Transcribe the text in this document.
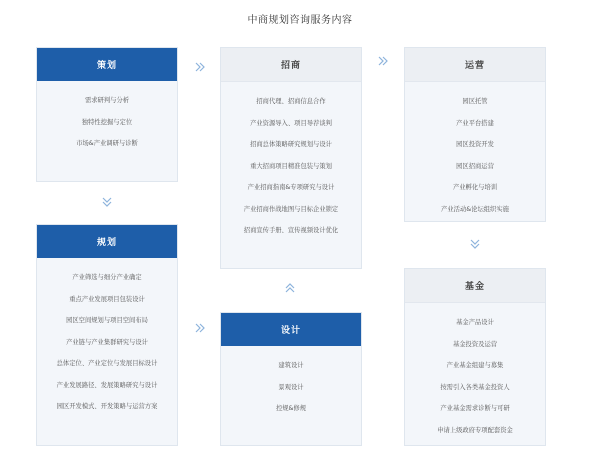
中商规划咨询服务内容
策划
需求研判与分析
独特性挖掘与定位
市场&产业调研与诊断
招商
招商代理、招商信息合作
产业资源导入、项目导荐谈判
招商总体策略研究规划与设计
重大招商项目精准包装与策划
产业招商指南&专项研究与设计
产业招商作战地图与目标企业锁定
招商宣传手册、宣传视频设计优化
运营
园区托管
产业平台搭建
园区投资开发
园区招商运营
产业孵化与培训
产业活动&论坛组织实施
规划
产业筛选与细分产业确定
重点产业发展项目包装设计
园区空间规划与项目空间布局
产业链与产业集群研究与设计
总体定位、产业定位与发展目标设计
产业发展路径、发展策略研究与设计
园区开发模式、开发策略与运营方案
设计
建筑设计
景观设计
控规&修规
基金
基金产品设计
基金投资及运营
产业基金组建与募集
按需引入各类基金投资人
产业基金需求诊断与可研
申请上级政府专项配套资金
